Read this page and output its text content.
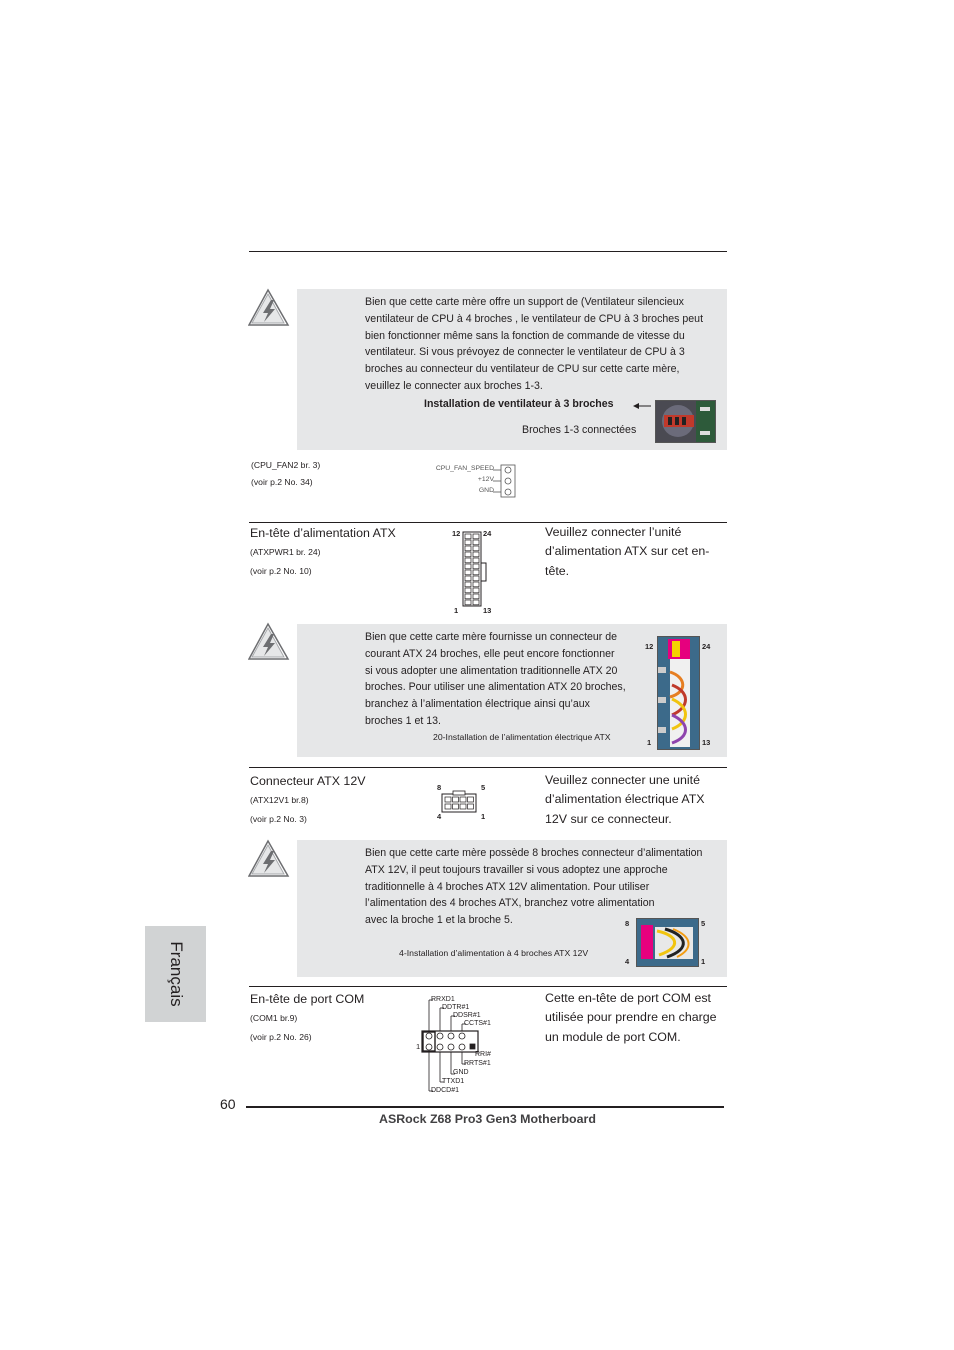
Bien que cette carte mère offre un support de (Ventilateur silencieux
ventilateur de CPU à 4 broches , le ventilateur de CPU à 3 broches peut
bien fonctionner même sans la fonction de commande de vitesse du
ventilateur. Si vous prévoyez de connecter le ventilateur de CPU à 3
broches au connecteur du ventilateur de CPU sur cette carte mère,
veuillez le connecter aux broches 1-3.
Installation de ventilateur à 3 broches
Broches 1-3 connectées
(CPU_FAN2 br. 3)
(voir p.2 No. 34)
CPU_FAN_SPEED
+12V
GND
En-tête d’alimentation ATX
(ATXPWR1 br. 24)
(voir p.2 No. 10)
12	24
1	13
Veuillez connecter l’unité
d’alimentation ATX sur cet en-
tête.
Bien que cette carte mère fournisse un connecteur de
courant ATX 24 broches, elle peut encore fonctionner
si vous adopter une alimentation traditionnelle ATX 20
broches. Pour utiliser une alimentation ATX 20 broches,
branchez à l’alimentation électrique ainsi qu’aux
broches 1 et 13.
20-Installation de l’alimentation électrique ATX
12	24
1	13
Connecteur ATX 12V
(ATX12V1 br.8)
(voir p.2 No. 3)
8	5
4	1
Veuillez connecter une unité
d’alimentation électrique ATX
12V sur ce connecteur.
Bien que cette carte mère possède 8 broches connecteur d’alimentation
ATX 12V, il peut toujours travailler si vous adoptez une approche
traditionnelle à 4 broches ATX 12V alimentation. Pour utiliser
l’alimentation des 4 broches ATX, branchez votre alimentation
avec la broche 1 et la broche 5.
4-Installation d’alimentation à 4 broches ATX 12V
8	5
4	1
En-tête de port COM
(COM1 br.9)
(voir p.2 No. 26)
1
RRXD1
DDTR#1
DDSR#1
CCTS#1
RRI#
RRTS#1
GND
TTXD1
DDCD#1
Cette en-tête de port COM est
utilisée pour prendre en charge
un module de port COM.
Français
60
ASRock Z68 Pro3 Gen3 Motherboard
